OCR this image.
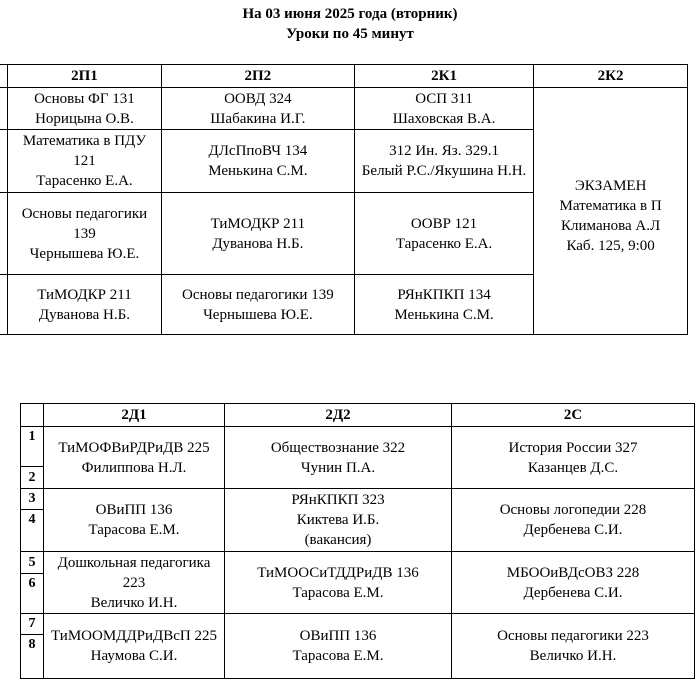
На 03 июня 2025 года (вторник)
Уроки по 45 минут
	2П1	2П2	2К1	2К2

	Основы ФГ 131
Норицына О.В.	ООВД 324
Шабакина И.Г.	ОСП 311
Шаховская В.А.	ЭКЗАМЕН
Математика в П
Климанова А.Л
Каб. 125, 9:00

	Математика в ПДУ 121
Тарасенко Е.А.	ДЛсПпоВЧ 134
Менькина С.М.	312 Ин. Яз. 329.1
Белый Р.С./Якушина Н.Н.	

	Основы педагогики 139
Чернышева Ю.Е.	ТиМОДКР 211
Дуванова Н.Б.	ООВР 121
Тарасенко Е.А.	

	ТиМОДКР 211
Дуванова Н.Б.	Основы педагогики 139
Чернышева Ю.Е.	РЯнКПКП 134
Менькина С.М.	
	2Д1	2Д2	2С
1	ТиМОФВиРДРиДВ 225
Филиппова Н.Л.	Обществознание 322
Чунин П.А.	История России 327
Казанцев Д.С.

2			
3	ОВиПП 136
Тарасова Е.М.	РЯнКПКП 323
Киктева И.Б.
(вакансия)	Основы логопедии 228
Дербенева С.И.

4			
5	Дошкольная педагогика 223
Величко И.Н.	ТиМООСиТДДРиДВ 136
Тарасова Е.М.	МБООиВДсОВЗ 228
Дербенева С.И.

6			
7	ТиМООМДДРиДВсП 225
Наумова С.И.	ОВиПП 136
Тарасова Е.М.	Основы педагогики 223
Величко И.Н.

8			
